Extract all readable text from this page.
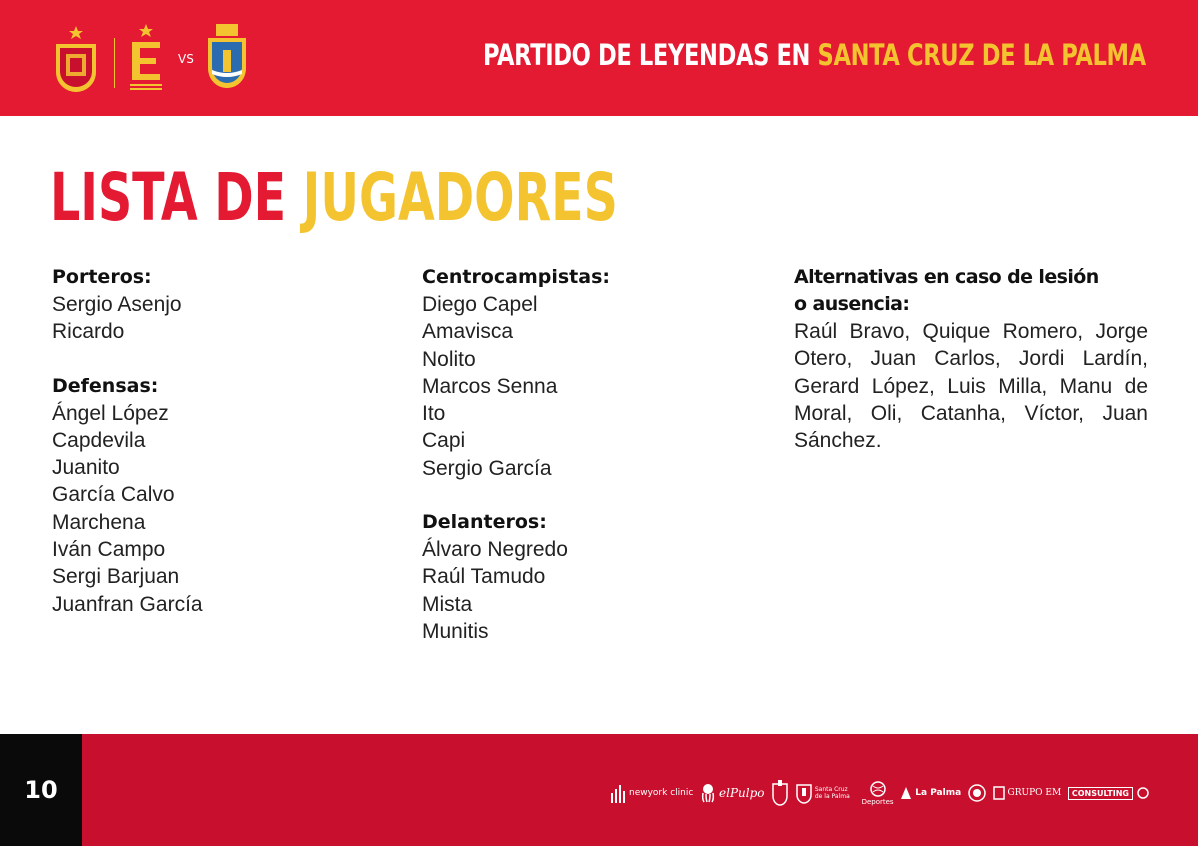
VS	PARTIDO DE LEYENDAS EN SANTA CRUZ DE LA PALMA
LISTA DE JUGADORES
Porteros:
Sergio Asenjo
Ricardo
Defensas:
Ángel López
Capdevila
Juanito
García Calvo
Marchena
Iván Campo
Sergi Barjuan
Juanfran García
Centrocampistas:
Diego Capel
Amavisca
Nolito
Marcos Senna
Ito
Capi
Sergio García
Delanteros:
Álvaro Negredo
Raúl Tamudo
Mista
Munitis
Alternativas en caso de lesión
o ausencia:

Raúl Bravo, Quique Romero, Jorge Otero, Juan Carlos, Jordi Lardín, Gerard López, Luis Milla, Manu de Moral, Oli, Catanha, Víctor, Juan Sánchez.

10	newyork clinic elPulpo	Santa Cruz de la Palma
Deportes
La Palma	GRUPO EM	CONSULTING
